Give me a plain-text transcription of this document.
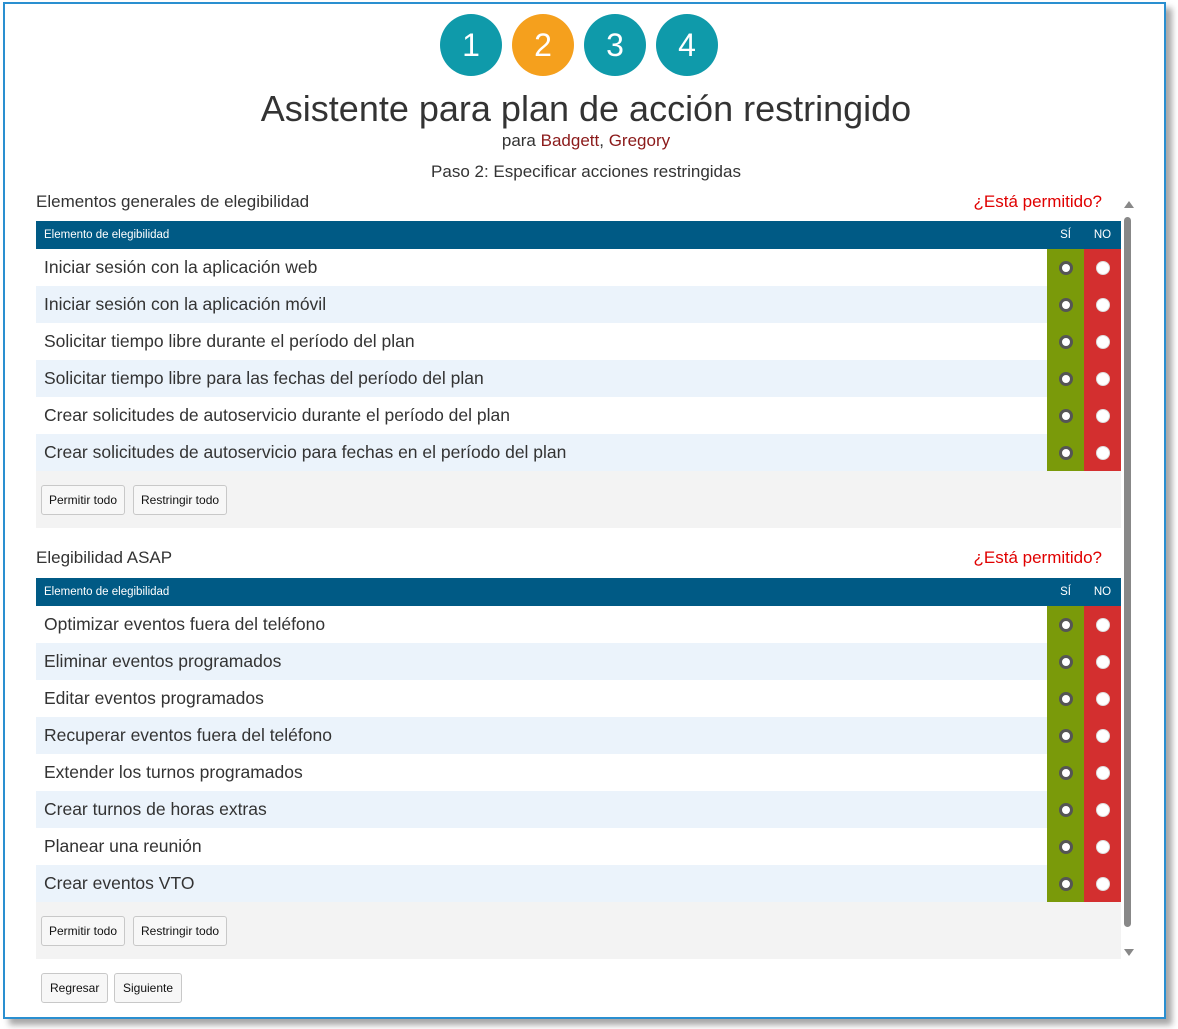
1	2	3	4
Asistente para plan de acción restringido
para Badgett, Gregory
Paso 2: Especificar acciones restringidas
Elementos generales de elegibilidad	¿Está permitido?
Elemento de elegibilidad	SÍ	NO
Iniciar sesión con la aplicación web
Iniciar sesión con la aplicación móvil
Solicitar tiempo libre durante el período del plan
Solicitar tiempo libre para las fechas del período del plan
Crear solicitudes de autoservicio durante el período del plan
Crear solicitudes de autoservicio para fechas en el período del plan
Permitir todo	Restringir todo
Elegibilidad ASAP	¿Está permitido?
Elemento de elegibilidad	SÍ	NO
Optimizar eventos fuera del teléfono
Eliminar eventos programados
Editar eventos programados
Recuperar eventos fuera del teléfono
Extender los turnos programados
Crear turnos de horas extras
Planear una reunión
Crear eventos VTO
Permitir todo	Restringir todo
Regresar	Siguiente
